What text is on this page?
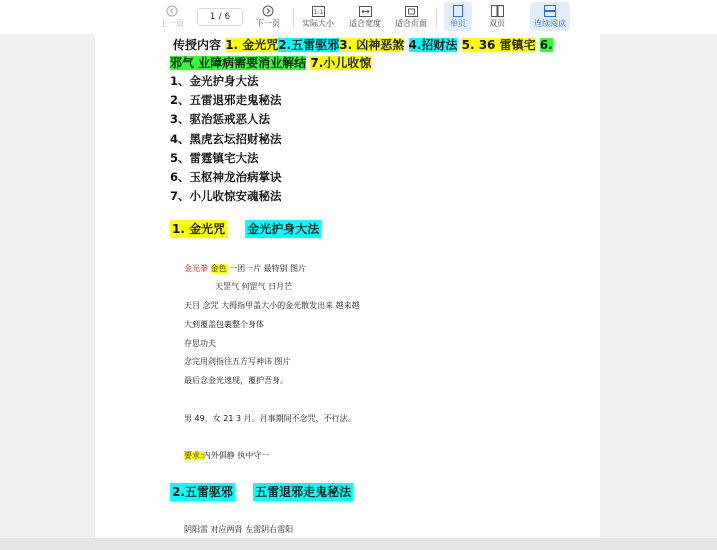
上一页
1 / 6
下一页
1:1
实际大小 适合宽度 适合页面	单页	双页	连续阅读
传授内容 1. 金光咒2.五雷驱邪3. 凶神恶煞 4.招财法 5. 36 雷镇宅 6.
邪气 业障病需要消业解结 7.小儿收惊
1、金光护身大法
2、五雷退邪走鬼秘法
3、驱治惩戒恶人法
4、黑虎玄坛招财秘法
5、雷霆镇宅大法
6、玉枢神龙治病掌诀
7、小儿收惊安魂秘法
1. 金光咒 金光护身大法
金光拳 金色 一团一片 最特别 图片
天罡气 何罡气 日月芒
天目 念咒 大拇指甲盖大小的金光散发出来 越来越
大到覆盖包裹整个身体
存思功夫
念完用剑指往五方写神讳 图片
最后念金光速现，覆护吾身。
男 49，女 21 3 月。月事期间不念咒，不行法。
要求:内外俱静 执中守一
2.五雷驱邪 五雷退邪走鬼秘法
阴阳雷 对应两肾 左雷阴右雷阳
